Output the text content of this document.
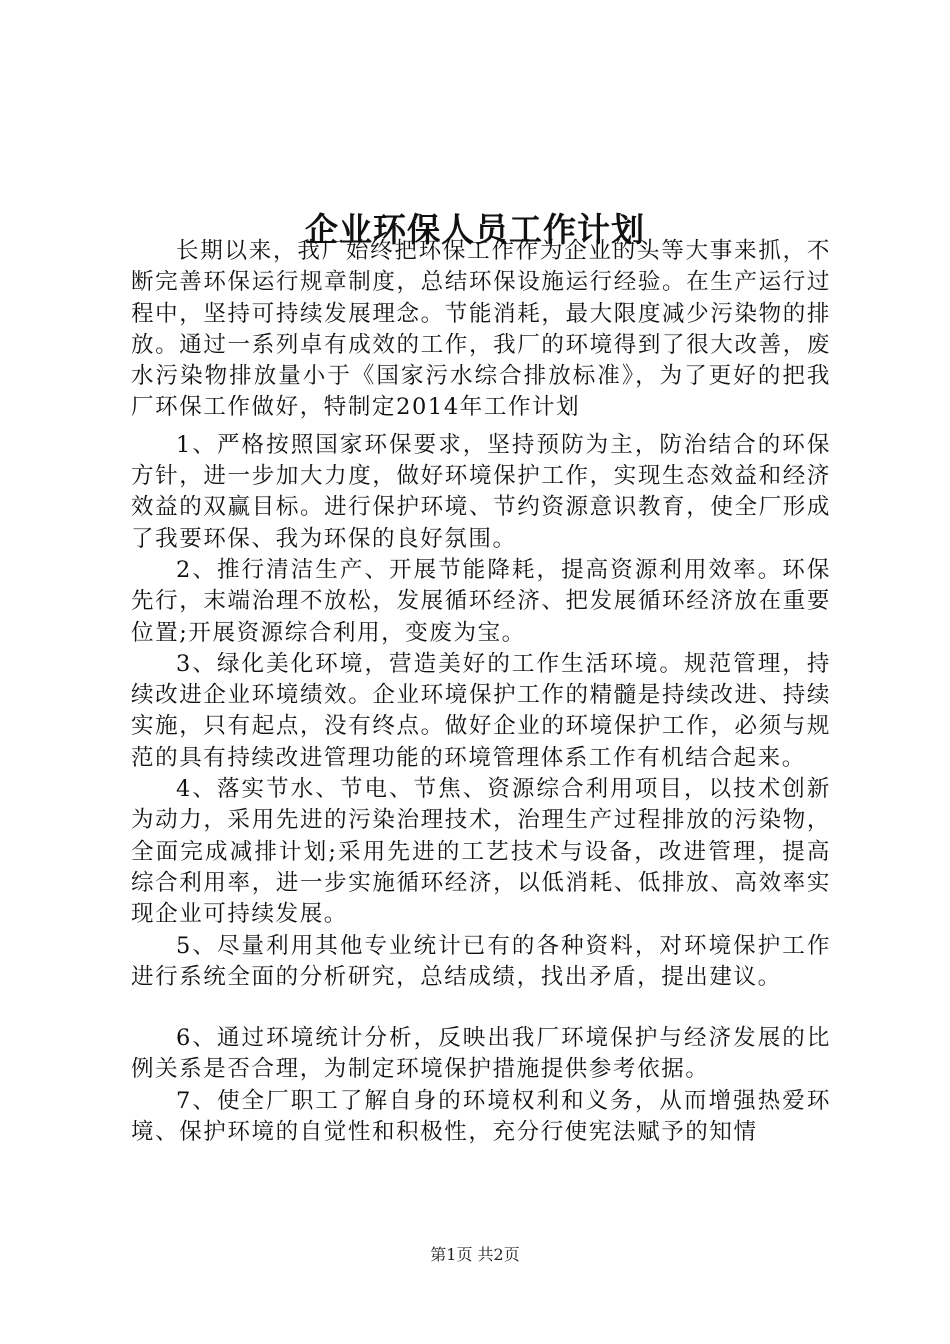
企业环保人员工作计划

长期以来，我厂始终把环保工作作为企业的头等大事来抓，不断完善环保运行规章制度，总结环保设施运行经验。在生产运行过程中，坚持可持续发展理念。节能消耗，最大限度减少污染物的排放。通过一系列卓有成效的工作，我厂的环境得到了很大改善，废水污染物排放量小于《国家污水综合排放标准》，为了更好的把我厂环保工作做好，特制定2014年工作计划

1、严格按照国家环保要求，坚持预防为主，防治结合的环保方针，进一步加大力度，做好环境保护工作，实现生态效益和经济效益的双赢目标。进行保护环境、节约资源意识教育，使全厂形成了我要环保、我为环保的良好氛围。

2、推行清洁生产、开展节能降耗，提高资源利用效率。环保先行，末端治理不放松，发展循环经济、把发展循环经济放在重要位置;开展资源综合利用，变废为宝。

3、绿化美化环境，营造美好的工作生活环境。规范管理，持续改进企业环境绩效。企业环境保护工作的精髓是持续改进、持续实施，只有起点，没有终点。做好企业的环境保护工作，必须与规范的具有持续改进管理功能的环境管理体系工作有机结合起来。

4、落实节水、节电、节焦、资源综合利用项目，以技术创新为动力，采用先进的污染治理技术，治理生产过程排放的污染物，全面完成减排计划;采用先进的工艺技术与设备，改进管理，提高综合利用率，进一步实施循环经济，以低消耗、低排放、高效率实现企业可持续发展。

5、尽量利用其他专业统计已有的各种资料，对环境保护工作进行系统全面的分析研究，总结成绩，找出矛盾，提出建议。

6、通过环境统计分析，反映出我厂环境保护与经济发展的比例关系是否合理，为制定环境保护措施提供参考依据。

7、使全厂职工了解自身的环境权利和义务，从而增强热爱环境、保护环境的自觉性和积极性，充分行使宪法赋予的知情

第1页 共2页
